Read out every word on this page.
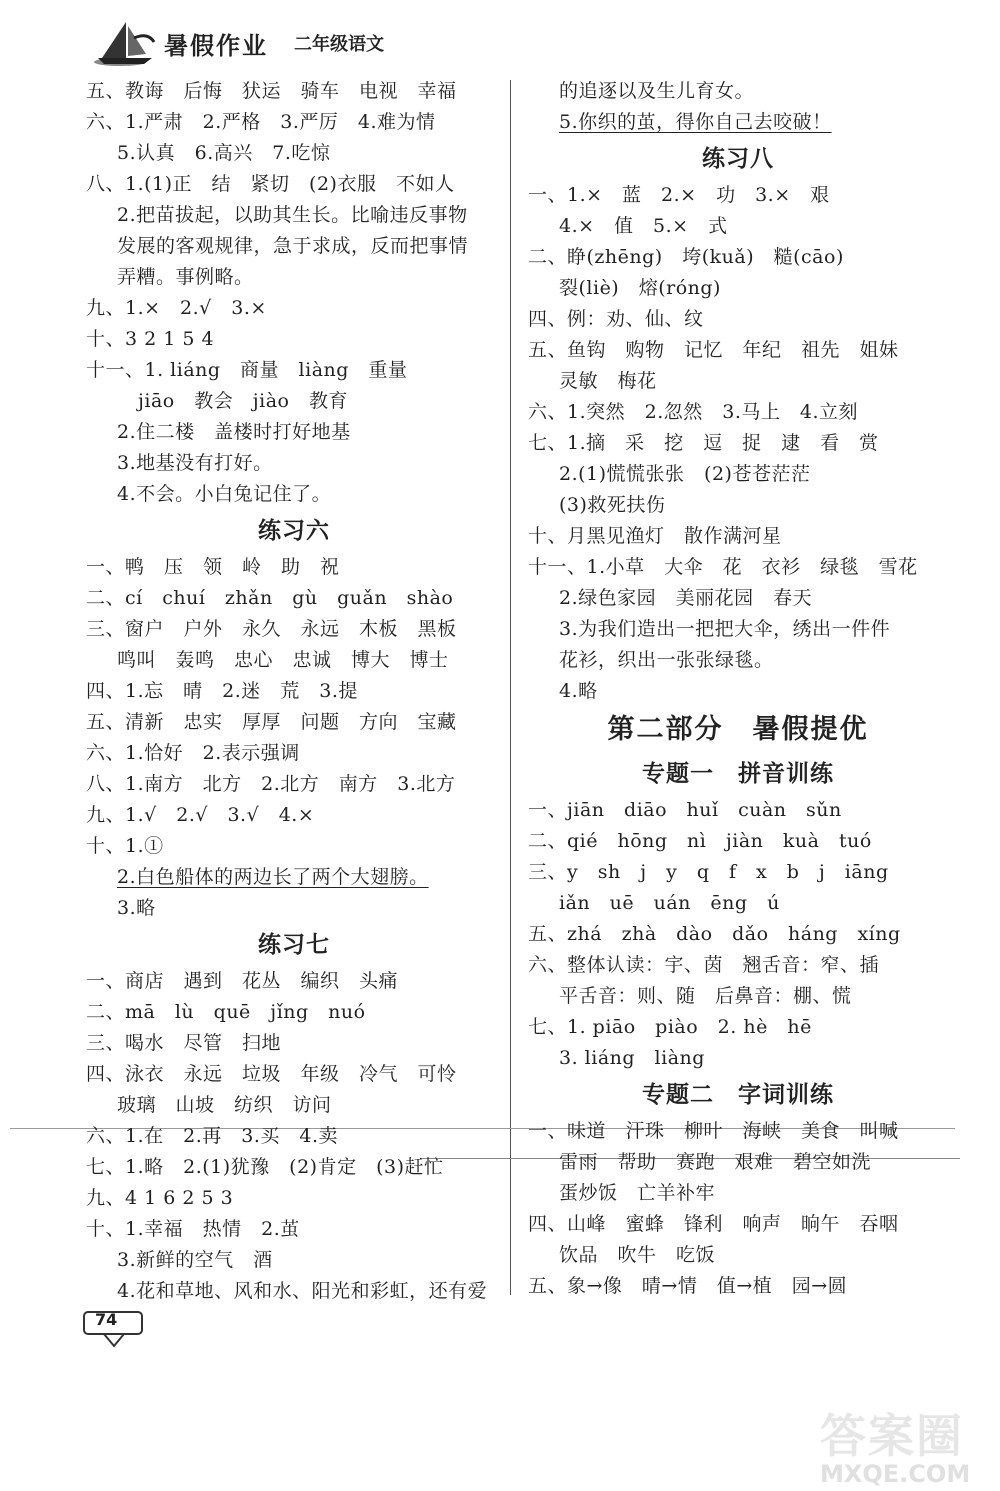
暑假作业 二年级语文
五、教诲　后悔　犾运　骑车　电视　幸福
六、1.严肃　2.严格　3.严厉　4.难为情
5.认真　6.高兴　7.吃惊
八、1.(1)正　结　紧切　(2)衣服　不如人
2.把苗拔起，以助其生长。比喻违反事物
发展的客观规律，急于求成，反而把事情
弄糟。事例略。
九、1.×　2.√　3.×
十、3 2 1 5 4
十一、1. liáng　商量　liàng　重量
jiāo　教会　jiào　教育
2.住二楼　盖楼时打好地基
3.地基没有打好。
4.不会。小白兔记住了。
练习六
一、鸭　压　领　岭　助　祝
二、cí　chuí　zhǎn　gù　guǎn　shào
三、窗户　户外　永久　永远　木板　黑板
鸣叫　轰鸣　忠心　忠诚　博大　博士
四、1.忘　晴　2.迷　荒　3.提
五、清新　忠实　厚厚　问题　方向　宝藏
六、1.恰好　2.表示强调
八、1.南方　北方　2.北方　南方　3.北方
九、1.√　2.√　3.√　4.×
十、1.①
2.白色船体的两边长了两个大翅膀。
3.略
练习七
一、商店　遇到　花丛　编织　头痛
二、mā　lù　quē　jǐng　nuó
三、喝水　尽管　扫地
四、泳衣　永远　垃圾　年级　冷气　可怜
玻璃　山坡　纺织　访问
六、1.在　2.再　3.买　4.卖
七、1.略　2.(1)犹豫　(2)肯定　(3)赶忙
九、4 1 6 2 5 3
十、1.幸福　热情　2.茧
3.新鲜的空气　酒
4.花和草地、风和水、阳光和彩虹，还有爱
的追逐以及生儿育女。
5.你织的茧，得你自己去咬破！
练习八
一、1.×　蓝　2.×　功　3.×　艰
4.×　值　5.×　式
二、睁(zhēng)　垮(kuǎ)　糙(cāo)
裂(liè)　熔(róng)
四、例：劝、仙、纹
五、鱼钩　购物　记忆　年纪　祖先　姐妹
灵敏　梅花
六、1.突然　2.忽然　3.马上　4.立刻
七、1.摘　采　挖　逗　捉　逮　看　赏
2.(1)慌慌张张　(2)苍苍茫茫
(3)救死扶伤
十、月黑见渔灯　散作满河星
十一、1.小草　大伞　花　衣衫　绿毯　雪花
2.绿色家园　美丽花园　春天
3.为我们造出一把把大伞，绣出一件件
花衫，织出一张张绿毯。
4.略
第二部分　暑假提优
专题一　拼音训练
一、jiān　diāo　huǐ　cuàn　sǔn
二、qié　hōng　nì　jiàn　kuà　tuó
三、y　sh　j　y　q　f　x　b　j　iāng
iǎn　uē　uán　ēng　ú
五、zhá　zhà　dào　dǎo　háng　xíng
六、整体认读：宇、茵　翘舌音：窄、插
平舌音：则、随　后鼻音：棚、慌
七、1. piāo　piào　2. hè　hē
3. liáng　liàng
专题二　字词训练
一、味道　汗珠　柳叶　海峡　美食　叫喊
雷雨　帮助　赛跑　艰难　碧空如洗
蛋炒饭　亡羊补牢
四、山峰　蜜蜂　锋利　响声　晌午　吞咽
饮品　吹牛　吃饭
五、象→像　晴→情　值→植　园→圆
74
答案圈
MXQE.COM
